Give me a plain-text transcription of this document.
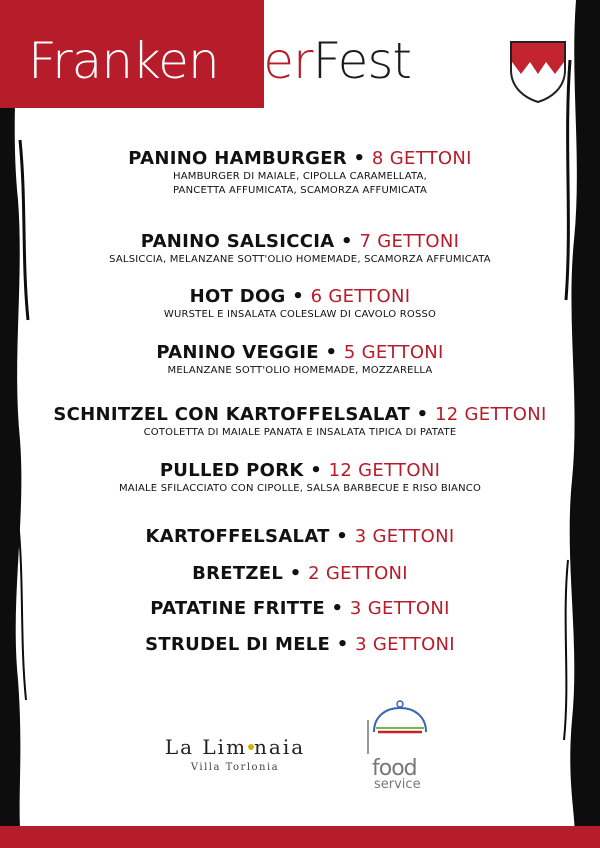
FrankenBierFest
PANINO HAMBURGER • 8 GETTONI
HAMBURGER DI MAIALE, CIPOLLA CARAMELLATA,
PANCETTA AFFUMICATA, SCAMORZA AFFUMICATA
PANINO SALSICCIA • 7 GETTONI
SALSICCIA, MELANZANE SOTT'OLIO HOMEMADE, SCAMORZA AFFUMICATA
HOT DOG • 6 GETTONI
WURSTEL E INSALATA COLESLAW DI CAVOLO ROSSO
PANINO VEGGIE • 5 GETTONI
MELANZANE SOTT'OLIO HOMEMADE, MOZZARELLA
SCHNITZEL CON KARTOFFELSALAT • 12 GETTONI
COTOLETTA DI MAIALE PANATA E INSALATA TIPICA DI PATATE
PULLED PORK • 12 GETTONI
MAIALE SFILACCIATO CON CIPOLLE, SALSA BARBECUE E RISO BIANCO
KARTOFFELSALAT • 3 GETTONI
BRETZEL • 2 GETTONI
PATATINE FRITTE • 3 GETTONI
STRUDEL DI MELE • 3 GETTONI
La Lim naia
Villa Torlonia	food
service
